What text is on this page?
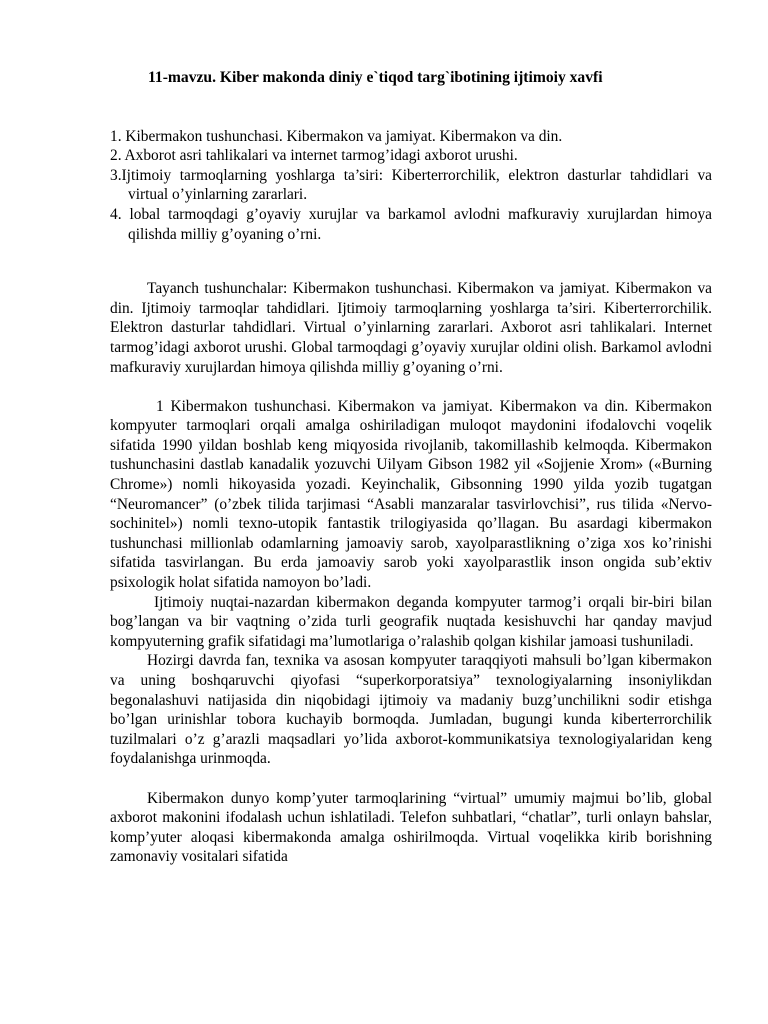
11-mavzu. Kiber makonda diniy e`tiqod targ`ibotining ijtimoiy xavfi
1. Kibermakon tushunchasi. Kibermakon va jamiyat. Kibermakon va din.
2. Axborot asri tahlikalari va internet tarmog’idagi axborot urushi.
3.Ijtimoiy tarmoqlarning yoshlarga ta’siri: Kiberterrorchilik, elektron dasturlar tahdidlari va virtual o’yinlarning zararlari.
4. lobal tarmoqdagi g’oyaviy xurujlar va barkamol avlodni mafkuraviy xurujlardan himoya qilishda milliy g’oyaning o’rni.

Tayanch tushunchalar: Kibermakon tushunchasi. Kibermakon va jamiyat. Kibermakon va din. Ijtimoiy tarmoqlar tahdidlari. Ijtimoiy tarmoqlarning yoshlarga ta’siri. Kiberterrorchilik. Elektron dasturlar tahdidlari. Virtual o’yinlarning zararlari. Axborot asri tahlikalari. Internet tarmog’idagi axborot urushi. Global tarmoqdagi g’oyaviy xurujlar oldini olish. Barkamol avlodni mafkuraviy xurujlardan himoya qilishda milliy g’oyaning o’rni.

1 Kibermakon tushunchasi. Kibermakon va jamiyat. Kibermakon va din. Kibermakon kompyuter tarmoqlari orqali amalga oshiriladigan muloqot maydonini ifodalovchi voqelik sifatida 1990 yildan boshlab keng miqyosida rivojlanib, takomillashib kelmoqda. Kibermakon tushunchasini dastlab kanadalik yozuvchi Uilyam Gibson 1982 yil «Sojjenie Xrom» («Burning Chrome») nomli hikoyasida yozadi. Keyinchalik, Gibsonning 1990 yilda yozib tugatgan “Neuromancer” (o’zbek tilida tarjimasi “Asabli manzaralar tasvirlovchisi”, rus tilida «Nervo-sochinitel») nomli texno-utopik fantastik trilogiyasida qo’llagan. Bu asardagi kibermakon tushunchasi millionlab odamlarning jamoaviy sarob, xayolparastlikning o’ziga xos ko’rinishi sifatida tasvirlangan. Bu erda jamoaviy sarob yoki xayolparastlik inson ongida sub’ektiv psixologik holat sifatida namoyon bo’ladi.

Ijtimoiy nuqtai-nazardan kibermakon deganda kompyuter tarmog’i orqali bir-biri bilan bog’langan va bir vaqtning o’zida turli geografik nuqtada kesishuvchi har qanday mavjud kompyuterning grafik sifatidagi ma’lumotlariga o’ralashib qolgan kishilar jamoasi tushuniladi.

Hozirgi davrda fan, texnika va asosan kompyuter taraqqiyoti mahsuli bo’lgan kibermakon va uning boshqaruvchi qiyofasi “superkorporatsiya” texnologiyalarning insoniylikdan begonalashuvi natijasida din niqobidagi ijtimoiy va madaniy buzg’unchilikni sodir etishga bo’lgan urinishlar tobora kuchayib bormoqda. Jumladan, bugungi kunda kiberterrorchilik tuzilmalari o’z g’arazli maqsadlari yo’lida axborot-kommunikatsiya texnologiyalaridan keng foydalanishga urinmoqda.

Kibermakon dunyo komp’yuter tarmoqlarining “virtual” umumiy majmui bo’lib, global axborot makonini ifodalash uchun ishlatiladi. Telefon suhbatlari, “chatlar”, turli onlayn bahslar, komp’yuter aloqasi kibermakonda amalga oshirilmoqda. Virtual voqelikka kirib borishning zamonaviy vositalari sifatida
